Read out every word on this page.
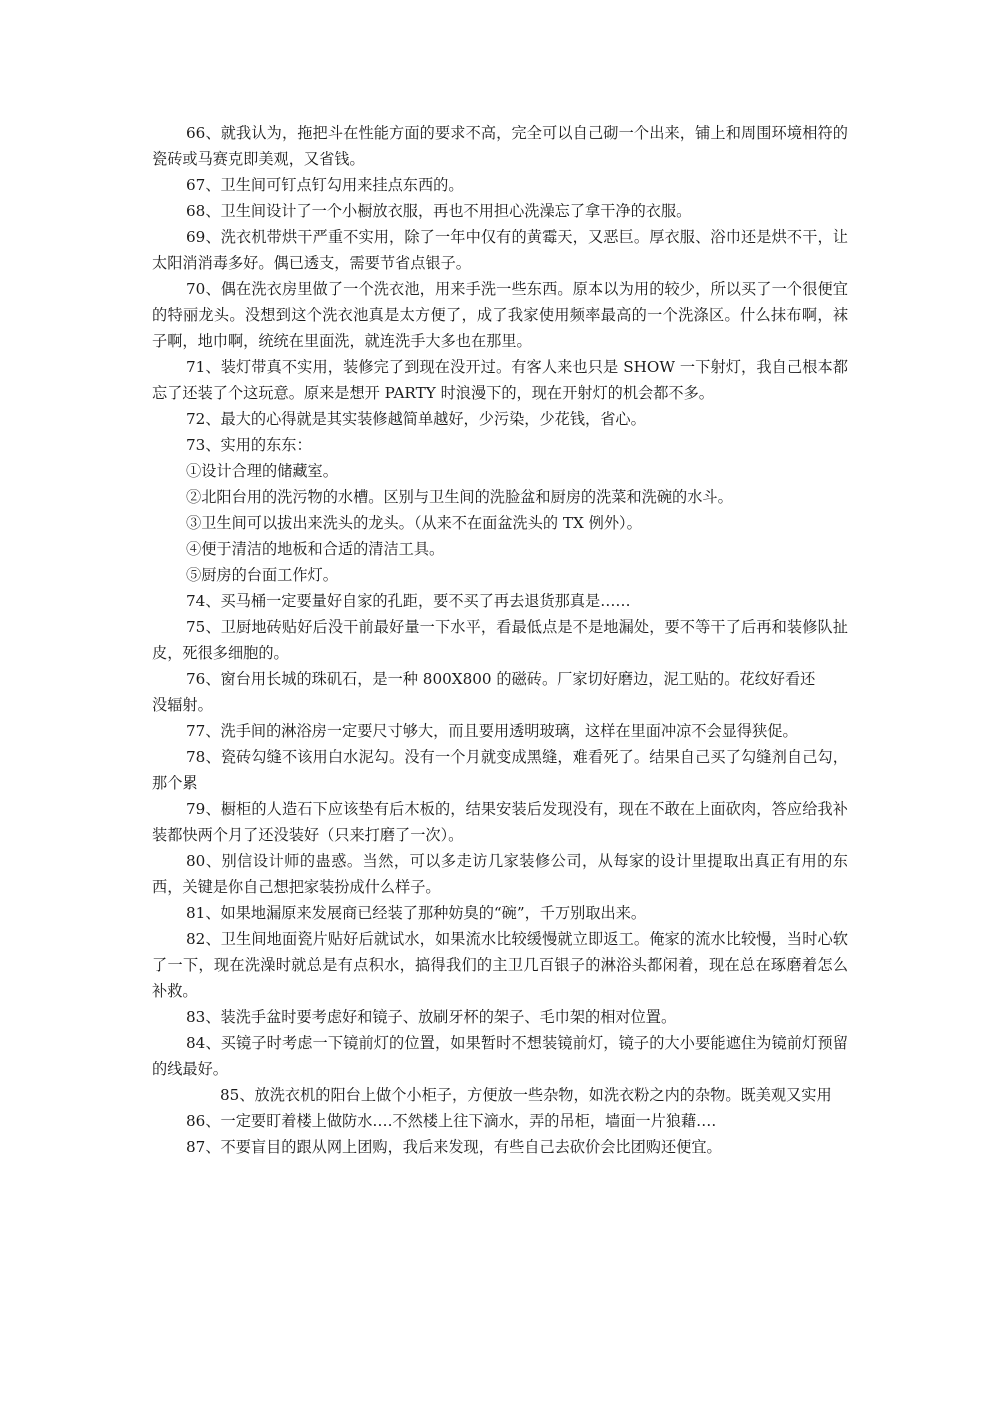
66、就我认为，拖把斗在性能方面的要求不高，完全可以自己砌一个出来，铺上和周围环境相符的瓷砖或马赛克即美观，又省钱。

67、卫生间可钉点钉勾用来挂点东西的。

68、卫生间设计了一个小橱放衣服，再也不用担心洗澡忘了拿干净的衣服。

69、洗衣机带烘干严重不实用，除了一年中仅有的黄霉天，又恶巨。厚衣服、浴巾还是烘不干，让太阳消消毒多好。偶已透支，需要节省点银子。

70、偶在洗衣房里做了一个洗衣池，用来手洗一些东西。原本以为用的较少，所以买了一个很便宜的特丽龙头。没想到这个洗衣池真是太方便了，成了我家使用频率最高的一个洗涤区。什么抹布啊，袜子啊，地巾啊，统统在里面洗，就连洗手大多也在那里。

71、装灯带真不实用，装修完了到现在没开过。有客人来也只是 SHOW 一下射灯，我自己根本都忘了还装了个这玩意。原来是想开 PARTY 时浪漫下的，现在开射灯的机会都不多。

72、最大的心得就是其实装修越简单越好，少污染，少花钱，省心。

73、实用的东东：

①设计合理的储藏室。

②北阳台用的洗污物的水槽。区别与卫生间的洗脸盆和厨房的洗菜和洗碗的水斗。

③卫生间可以拔出来洗头的龙头。（从来不在面盆洗头的 TX 例外）。

④便于清洁的地板和合适的清洁工具。

⑤厨房的台面工作灯。

74、买马桶一定要量好自家的孔距，要不买了再去退货那真是……

75、卫厨地砖贴好后没干前最好量一下水平，看最低点是不是地漏处，要不等干了后再和装修队扯皮，死很多细胞的。

76、窗台用长城的珠矶石，是一种 800X800 的磁砖。厂家切好磨边，泥工贴的。花纹好看还

没辐射。

77、洗手间的淋浴房一定要尺寸够大，而且要用透明玻璃，这样在里面冲凉不会显得狭促。

78、瓷砖勾缝不该用白水泥勾。没有一个月就变成黑缝，难看死了。结果自己买了勾缝剂自己勾，那个累

79、橱柜的人造石下应该垫有后木板的，结果安装后发现没有，现在不敢在上面砍肉，答应给我补装都快两个月了还没装好（只来打磨了一次）。

80、别信设计师的蛊惑。当然，可以多走访几家装修公司，从每家的设计里提取出真正有用的东西，关键是你自己想把家装扮成什么样子。

81、如果地漏原来发展商已经装了那种妨臭的“碗”，千万别取出来。

82、卫生间地面瓷片贴好后就试水，如果流水比较缓慢就立即返工。俺家的流水比较慢，当时心软了一下，现在洗澡时就总是有点积水，搞得我们的主卫几百银子的淋浴头都闲着，现在总在琢磨着怎么补救。

83、装洗手盆时要考虑好和镜子、放刷牙杯的架子、毛巾架的相对位置。

84、买镜子时考虑一下镜前灯的位置，如果暂时不想装镜前灯，镜子的大小要能遮住为镜前灯预留的线最好。

85、放洗衣机的阳台上做个小柜子，方便放一些杂物，如洗衣粉之内的杂物。既美观又实用

86、一定要盯着楼上做防水….不然楼上往下滴水，弄的吊柜，墙面一片狼藉….

87、不要盲目的跟从网上团购，我后来发现，有些自己去砍价会比团购还便宜。
